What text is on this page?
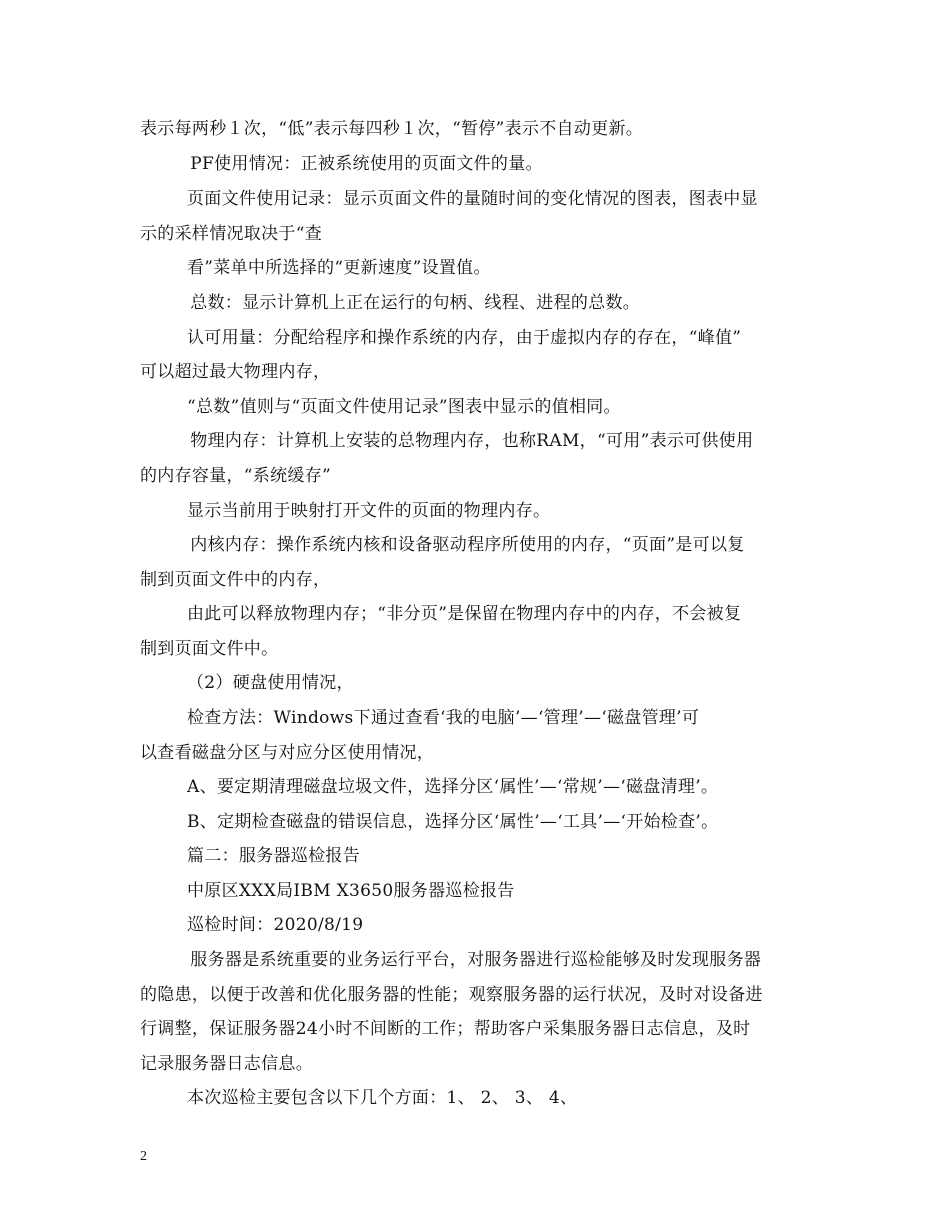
表示每两秒１次，“低”表示每四秒１次，“暂停”表示不自动更新。
　PF使用情况：正被系统使用的页面文件的量。
页面文件使用记录：显示页面文件的量随时间的变化情况的图表，图表中显
示的采样情况取决于“查
看”菜单中所选择的“更新速度”设置值。
　总数：显示计算机上正在运行的句柄、线程、进程的总数。
认可用量：分配给程序和操作系统的内存，由于虚拟内存的存在，“峰值”
可以超过最大物理内存，
“总数”值则与“页面文件使用记录”图表中显示的值相同。
　物理内存：计算机上安装的总物理内存，也称RAM，“可用”表示可供使用
的内存容量，“系统缓存”
显示当前用于映射打开文件的页面的物理内存。
　内核内存：操作系统内核和设备驱动程序所使用的内存，“页面”是可以复
制到页面文件中的内存，
由此可以释放物理内存；“非分页”是保留在物理内存中的内存，不会被复
制到页面文件中。
（2）硬盘使用情况，
检查方法：Windows下通过查看‘我的电脑’—‘管理’—‘磁盘管理’可
以查看磁盘分区与对应分区使用情况，
A、要定期清理磁盘垃圾文件，选择分区‘属性’—‘常规’—‘磁盘清理’。
B、定期检查磁盘的错误信息，选择分区‘属性’—‘工具’—‘开始检查’。
篇二：服务器巡检报告
中原区XXX局IBM X3650服务器巡检报告
巡检时间：2020/8/19
　服务器是系统重要的业务运行平台，对服务器进行巡检能够及时发现服务器
的隐患，以便于改善和优化服务器的性能；观察服务器的运行状况，及时对设备进
行调整，保证服务器24小时不间断的工作；帮助客户采集服务器日志信息，及时
记录服务器日志信息。
本次巡检主要包含以下几个方面：1、 2、 3、 4、
2
